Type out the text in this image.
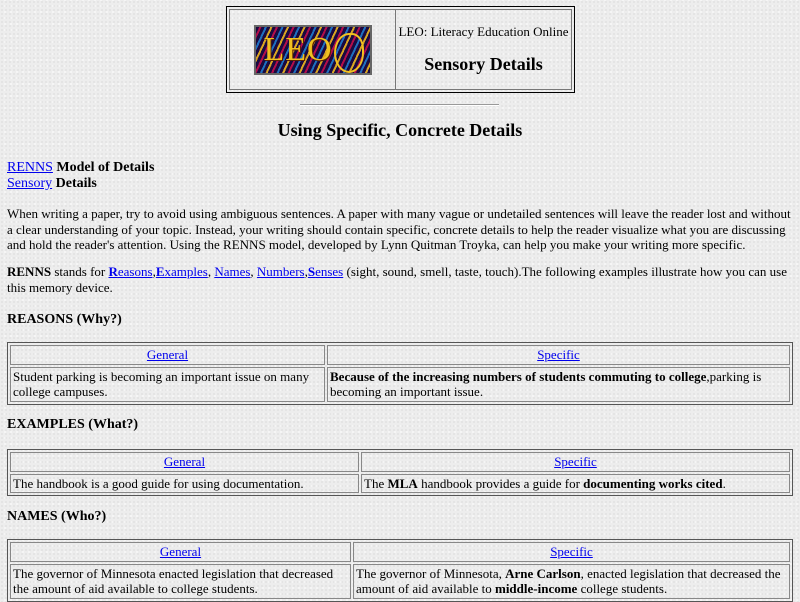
LEO	LEO: Literacy Education Online
Sensory Details
Using Specific, Concrete Details
RENNS Model of Details
Sensory Details

When writing a paper, try to avoid using ambiguous sentences. A paper with many vague or undetailed sentences will leave the reader lost and without a clear understanding of your topic. Instead, your writing should contain specific, concrete details to help the reader visualize what you are discussing and hold the reader's attention. Using the RENNS model, developed by Lynn Quitman Troyka, can help you make your writing more specific.

RENNS stands for Reasons,Examples, Names, Numbers,Senses (sight, sound, smell, taste, touch).The following examples illustrate how you can use this memory device.

REASONS (Why?)
General	Specific
Student parking is becoming an important issue on many college campuses.	Because of the increasing numbers of students commuting to college,parking is becoming an important issue.
EXAMPLES (What?)
General	Specific
The handbook is a good guide for using documentation.	The MLA handbook provides a guide for documenting works cited.
NAMES (Who?)
General	Specific
The governor of Minnesota enacted legislation that decreased the amount of aid available to college students.	The governor of Minnesota, Arne Carlson, enacted legislation that decreased the amount of aid available to middle-income college students.
